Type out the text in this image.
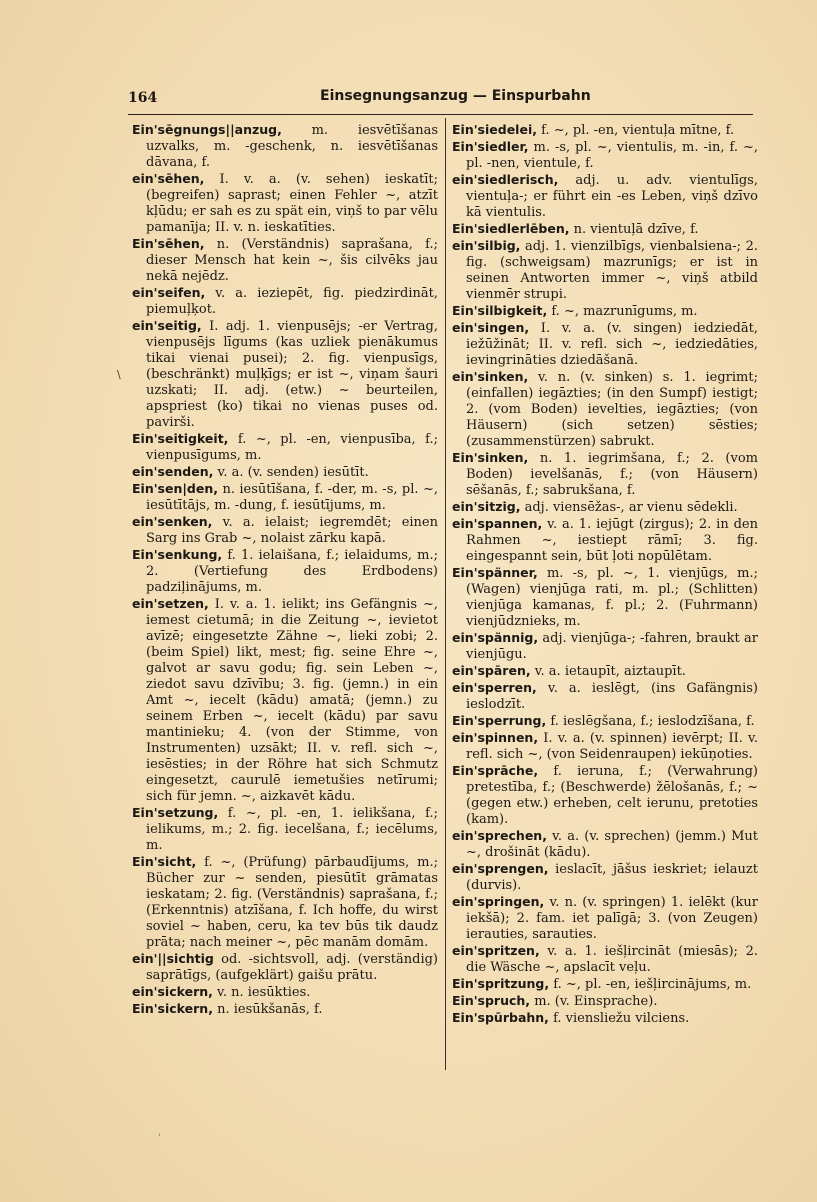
164	Einsegnungsanzug — Einspurbahn

Ein'sēgnungs||anzug, m. iesvētīšanas uzvalks, m. -geschenk, n. iesvētīšanas dāvana, f.

ein'sēhen, I. v. a. (v. sehen) ieskatīt; (begreifen) saprast; einen Fehler ~, atzīt kļūdu; er sah es zu spät ein, viņš to par vēlu pamanīja; II. v. n. ieskatīties.

Ein'sēhen, n. (Verständnis) saprašana, f.; dieser Mensch hat kein ~, šis cilvēks jau nekā nejēdz.

ein'seifen, v. a. ieziepēt, fig. piedzirdināt, piemuļķot.

ein'seitig, I. adj. 1. vienpusējs; -er Vertrag, vienpusējs līgums (kas uzliek pienākumus tikai vienai pusei); 2. fig. vienpusīgs, (beschränkt) muļķīgs; er ist ~, viņam šauri uzskati; II. adj. (etw.) ~ beurteilen, apspriest (ko) tikai no vienas puses od. pavirši.

Ein'seitigkeit, f. ~, pl. -en, vienpusība, f.; vienpusīgums, m.

ein'senden, v. a. (v. senden) iesūtīt.

Ein'sen|den, n. iesūtīšana, f. -der, m. -s, pl. ~, iesūtītājs, m. -dung, f. iesūtījums, m.

ein'senken, v. a. ielaist; iegremdēt; einen Sarg ins Grab ~, nolaist zārku kapā.

Ein'senkung, f. 1. ielaišana, f.; ielaidums, m.; 2. (Vertiefung des Erdbodens) padziļinājums, m.

ein'setzen, I. v. a. 1. ielikt; ins Gefängnis ~, iemest cietumā; in die Zeitung ~, ievietot avīzē; eingesetzte Zähne ~, lieki zobi; 2. (beim Spiel) likt, mest; fig. seine Ehre ~, galvot ar savu godu; fig. sein Leben ~, ziedot savu dzīvību; 3. fig. (jemn.) in ein Amt ~, iecelt (kādu) amatā; (jemn.) zu seinem Erben ~, iecelt (kādu) par savu mantinieku; 4. (von der Stimme, von Instrumenten) uzsākt; II. v. refl. sich ~, iesēsties; in der Röhre hat sich Schmutz eingesetzt, caurulē iemetušies netīrumi; sich für jemn. ~, aizkavēt kādu.

Ein'setzung, f. ~, pl. -en, 1. ielikšana, f.; ielikums, m.; 2. fig. iecelšana, f.; iecēlums, m.

Ein'sicht, f. ~, (Prüfung) pārbaudījums, m.; Bücher zur ~ senden, piesūtīt grāmatas ieskatam; 2. fig. (Verständnis) saprašana, f.; (Erkenntnis) atzīšana, f. Ich hoffe, du wirst soviel ~ haben, ceru, ka tev būs tik daudz prāta; nach meiner ~, pēc manām domām.

ein'||sichtig od. -sichtsvoll, adj. (verständig) saprātīgs, (aufgeklärt) gaišu prātu.

ein'sickern, v. n. iesūkties.

Ein'sickern, n. iesūkšanās, f.

Ein'siedelei, f. ~, pl. -en, vientuļa mītne, f.

Ein'siedler, m. -s, pl. ~, vientulis, m. -in, f. ~, pl. -nen, vientule, f.

ein'siedlerisch, adj. u. adv. vientulīgs, vientuļa-; er führt ein -es Leben, viņš dzīvo kā vientulis.

Ein'siedlerlēben, n. vientuļā dzīve, f.

ein'silbig, adj. 1. vienzilbīgs, vienbalsiena-; 2. fig. (schweigsam) mazrunīgs; er ist in seinen Antworten immer ~, viņš atbild vienmēr strupi.

Ein'silbigkeit, f. ~, mazrunīgums, m.

ein'singen, I. v. a. (v. singen) iedziedāt, iežūžināt; II. v. refl. sich ~, iedziedāties, ievingrināties dziedāšanā.

ein'sinken, v. n. (v. sinken) s. 1. iegrimt; (einfallen) iegāzties; (in den Sumpf) iestigt; 2. (vom Boden) ievelties, iegāzties; (von Häusern) (sich setzen) sēsties; (zusammenstürzen) sabrukt.

Ein'sinken, n. 1. iegrimšana, f.; 2. (vom Boden) ievelšanās, f.; (von Häusern) sēšanās, f.; sabrukšana, f.

ein'sitzig, adj. viensēžas-, ar vienu sēdekli.

ein'spannen, v. a. 1. iejūgt (zirgus); 2. in den Rahmen ~, iestiept rāmī; 3. fig. eingespannt sein, būt ļoti nopūlētam.

Ein'spänner, m. -s, pl. ~, 1. vienjūgs, m.; (Wagen) vienjūga rati, m. pl.; (Schlitten) vienjūga kamanas, f. pl.; 2. (Fuhrmann) vienjūdznieks, m.

ein'spännig, adj. vienjūga-; -fahren, braukt ar vienjūgu.

ein'spāren, v. a. ietaupīt, aiztaupīt.

ein'sperren, v. a. ieslēgt, (ins Gafängnis) ieslodzīt.

Ein'sperrung, f. ieslēgšana, f.; ieslodzīšana, f.

ein'spinnen, I. v. a. (v. spinnen) ievērpt; II. v. refl. sich ~, (von Seidenraupen) iekūņoties.

Ein'sprāche, f. ieruna, f.; (Verwahrung) pretestība, f.; (Beschwerde) žēlošanās, f.; ~ (gegen etw.) erheben, celt ierunu, pretoties (kam).

ein'sprechen, v. a. (v. sprechen) (jemm.) Mut ~, drošināt (kādu).

ein'sprengen, ieslacīt, jāšus ieskriet; ielauzt (durvis).

ein'springen, v. n. (v. springen) 1. ielēkt (kur iekšā); 2. fam. iet palīgā; 3. (von Zeugen) ierauties, sarauties.

ein'spritzen, v. a. 1. iešļircināt (miesās); 2. die Wäsche ~, apslacīt veļu.

Ein'spritzung, f. ~, pl. -en, iešļircinājums, m.

Ein'spruch, m. (v. Einsprache).

Ein'spūrbahn, f. viensliežu vilciens.

\
'
